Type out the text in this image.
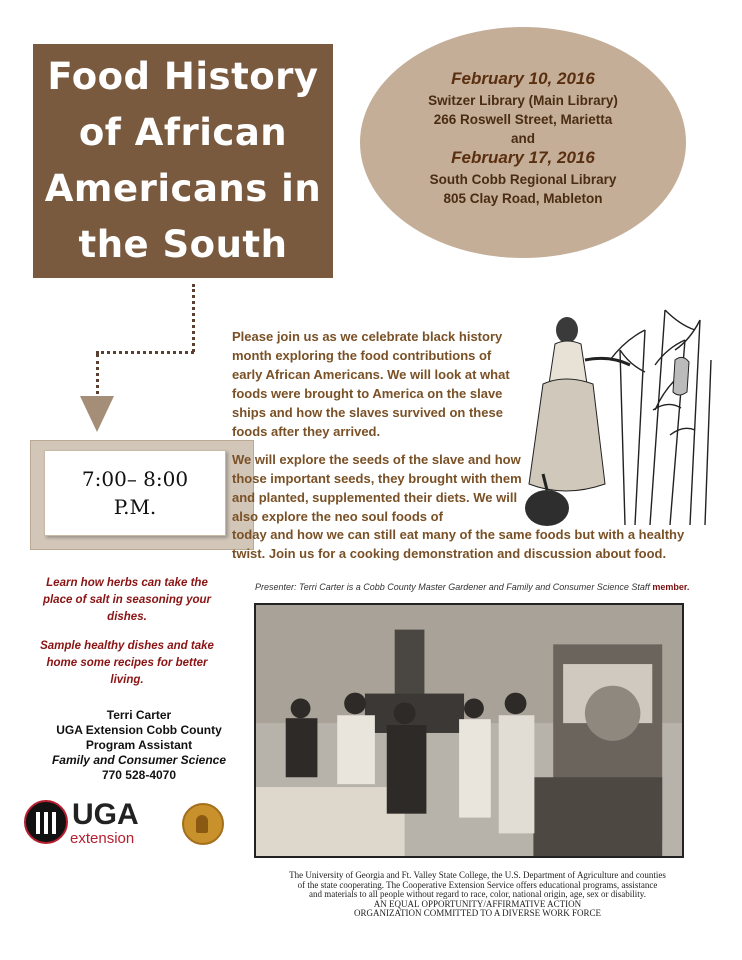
Food History
of African
Americans in
the South
February 10, 2016
Switzer Library (Main Library)
266 Roswell Street, Marietta
and
February 17, 2016
South Cobb Regional Library
805 Clay Road, Mableton
7:00– 8:00
P.M.

Please join us as we celebrate black history month exploring the food contributions of early African Americans. We will look at what foods were brought to America on the slave ships and how the slaves survived on these foods after they arrived.

We will explore the seeds of the slave and how those important seeds, they brought with them and planted, supplemented their diets. We will also explore the neo soul foods of

today and how we can still eat many of the same foods but with a healthy twist. Join us for a cooking demonstration and discussion about food.

Presenter: Terri Carter is a Cobb County Master Gardener and Family and Consumer Science Staff member.

Learn how herbs can take the place of salt in seasoning your dishes.

Sample healthy dishes and take home some recipes for better living.

Terri Carter
UGA Extension Cobb County
Program Assistant
Family and Consumer Science
770 528-4070
UGA
extension
The University of Georgia and Ft. Valley State College, the U.S. Department of Agriculture and counties
of the state cooperating. The Cooperative Extension Service offers educational programs, assistance
and materials to all people without regard to race, color, national origin, age, sex or disability.
AN EQUAL OPPORTUNITY/AFFIRMATIVE ACTION
ORGANIZATION COMMITTED TO A DIVERSE WORK FORCE
